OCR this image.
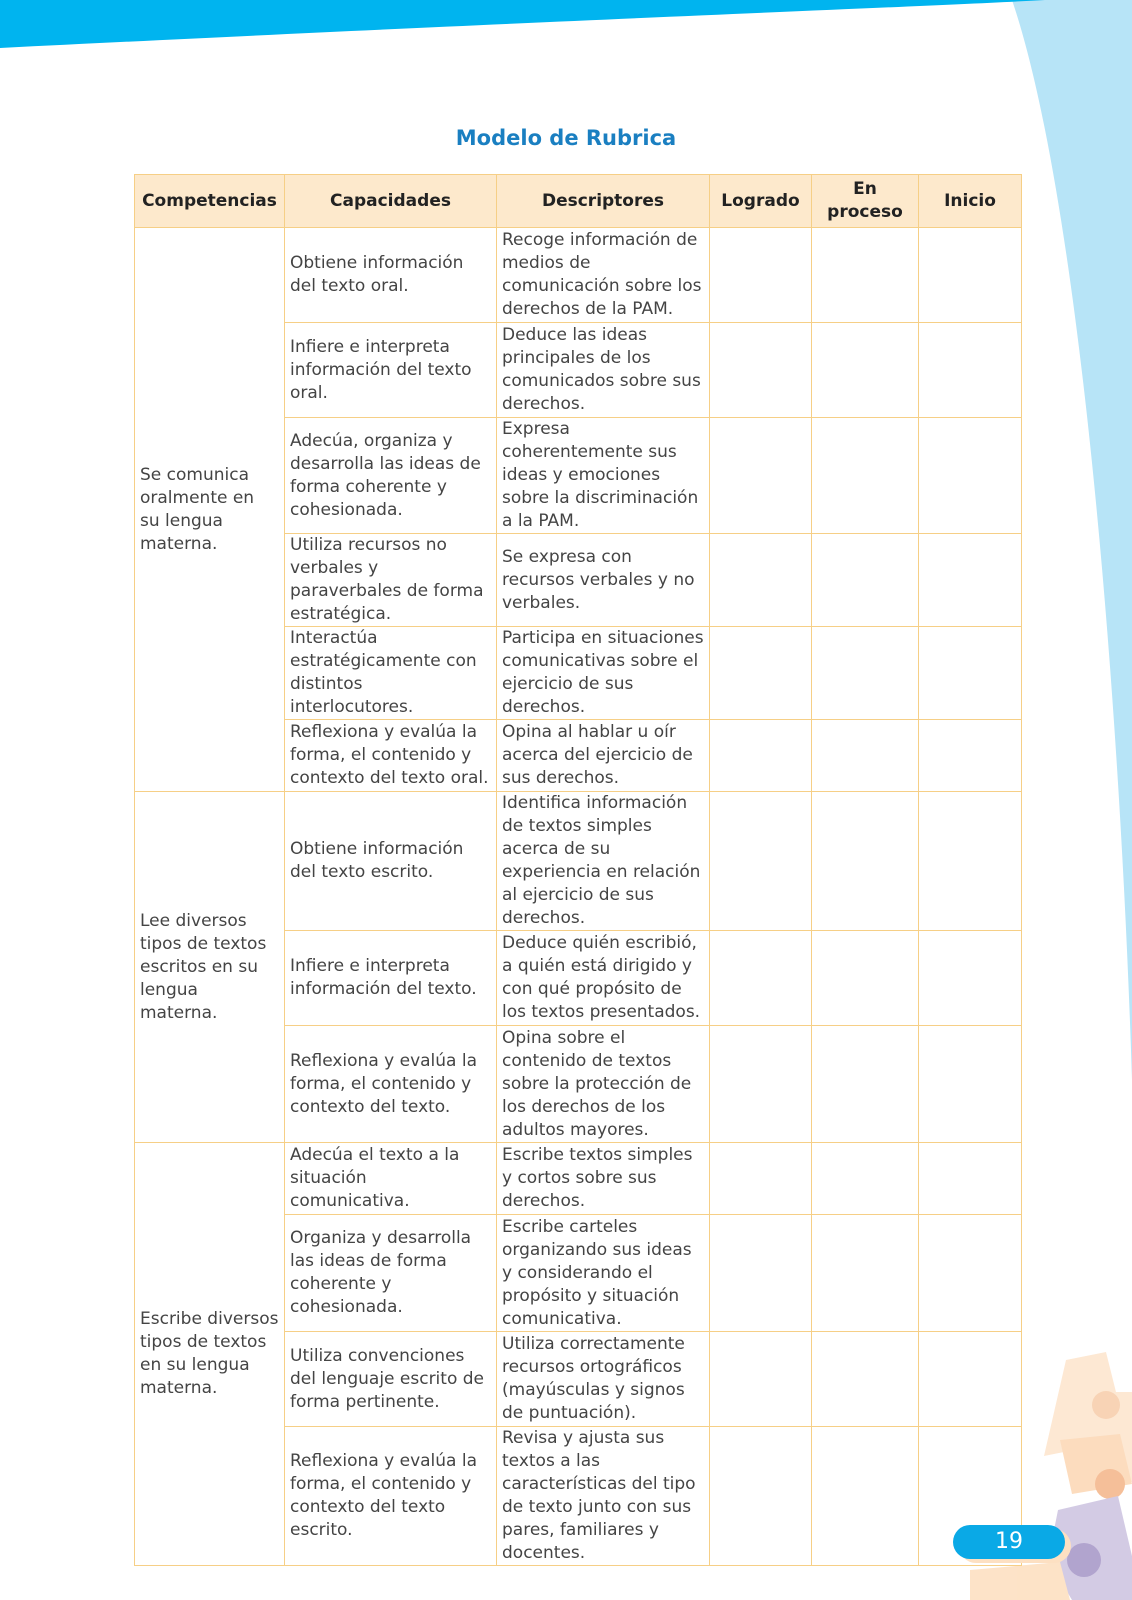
Modelo de Rubrica
Competencias	Capacidades	Descriptores	Logrado	En proceso	Inicio
Se comunica oralmente en su lengua materna.	Obtiene información del texto oral.	Recoge información de medios de comunicación sobre los derechos de la PAM.			
	Infiere e interpreta información del texto oral.	Deduce las ideas principales de los comunicados sobre sus derechos.			
	Adecúa, organiza y desarrolla las ideas de forma coherente y cohesionada.	Expresa coherentemente sus ideas y emociones sobre la discriminación a la PAM.			
	Utiliza recursos no verbales y paraverbales de forma estratégica.	Se expresa con recursos verbales y no verbales.			
	Interactúa estratégicamente con distintos interlocutores.	Participa en situaciones comunicativas sobre el ejercicio de sus derechos.			
	Reflexiona y evalúa la forma, el contenido y contexto del texto oral.	Opina al hablar u oír acerca del ejercicio de sus derechos.			
Lee diversos tipos de textos escritos en su lengua materna.	Obtiene información del texto escrito.	Identifica información de textos simples acerca de su experiencia en relación al ejercicio de sus derechos.			
	Infiere e interpreta información del texto.	Deduce quién escribió, a quién está dirigido y con qué propósito de los textos presentados.			
	Reflexiona y evalúa la forma, el contenido y contexto del texto.	Opina sobre el contenido de textos sobre la protección de los derechos de los adultos mayores.			
Escribe diversos tipos de textos en su lengua materna.	Adecúa el texto a la situación comunicativa.	Escribe textos simples y cortos sobre sus derechos.			
	Organiza y desarrolla las ideas de forma coherente y cohesionada.	Escribe carteles organizando sus ideas y considerando el propósito y situación comunicativa.			
	Utiliza convenciones del lenguaje escrito de forma pertinente.	Utiliza correctamente recursos ortográficos (mayúsculas y signos de puntuación).			
	Reflexiona y evalúa la forma, el contenido y contexto del texto escrito.	Revisa y ajusta sus textos a las características del tipo de texto junto con sus pares, familiares y docentes.				19
